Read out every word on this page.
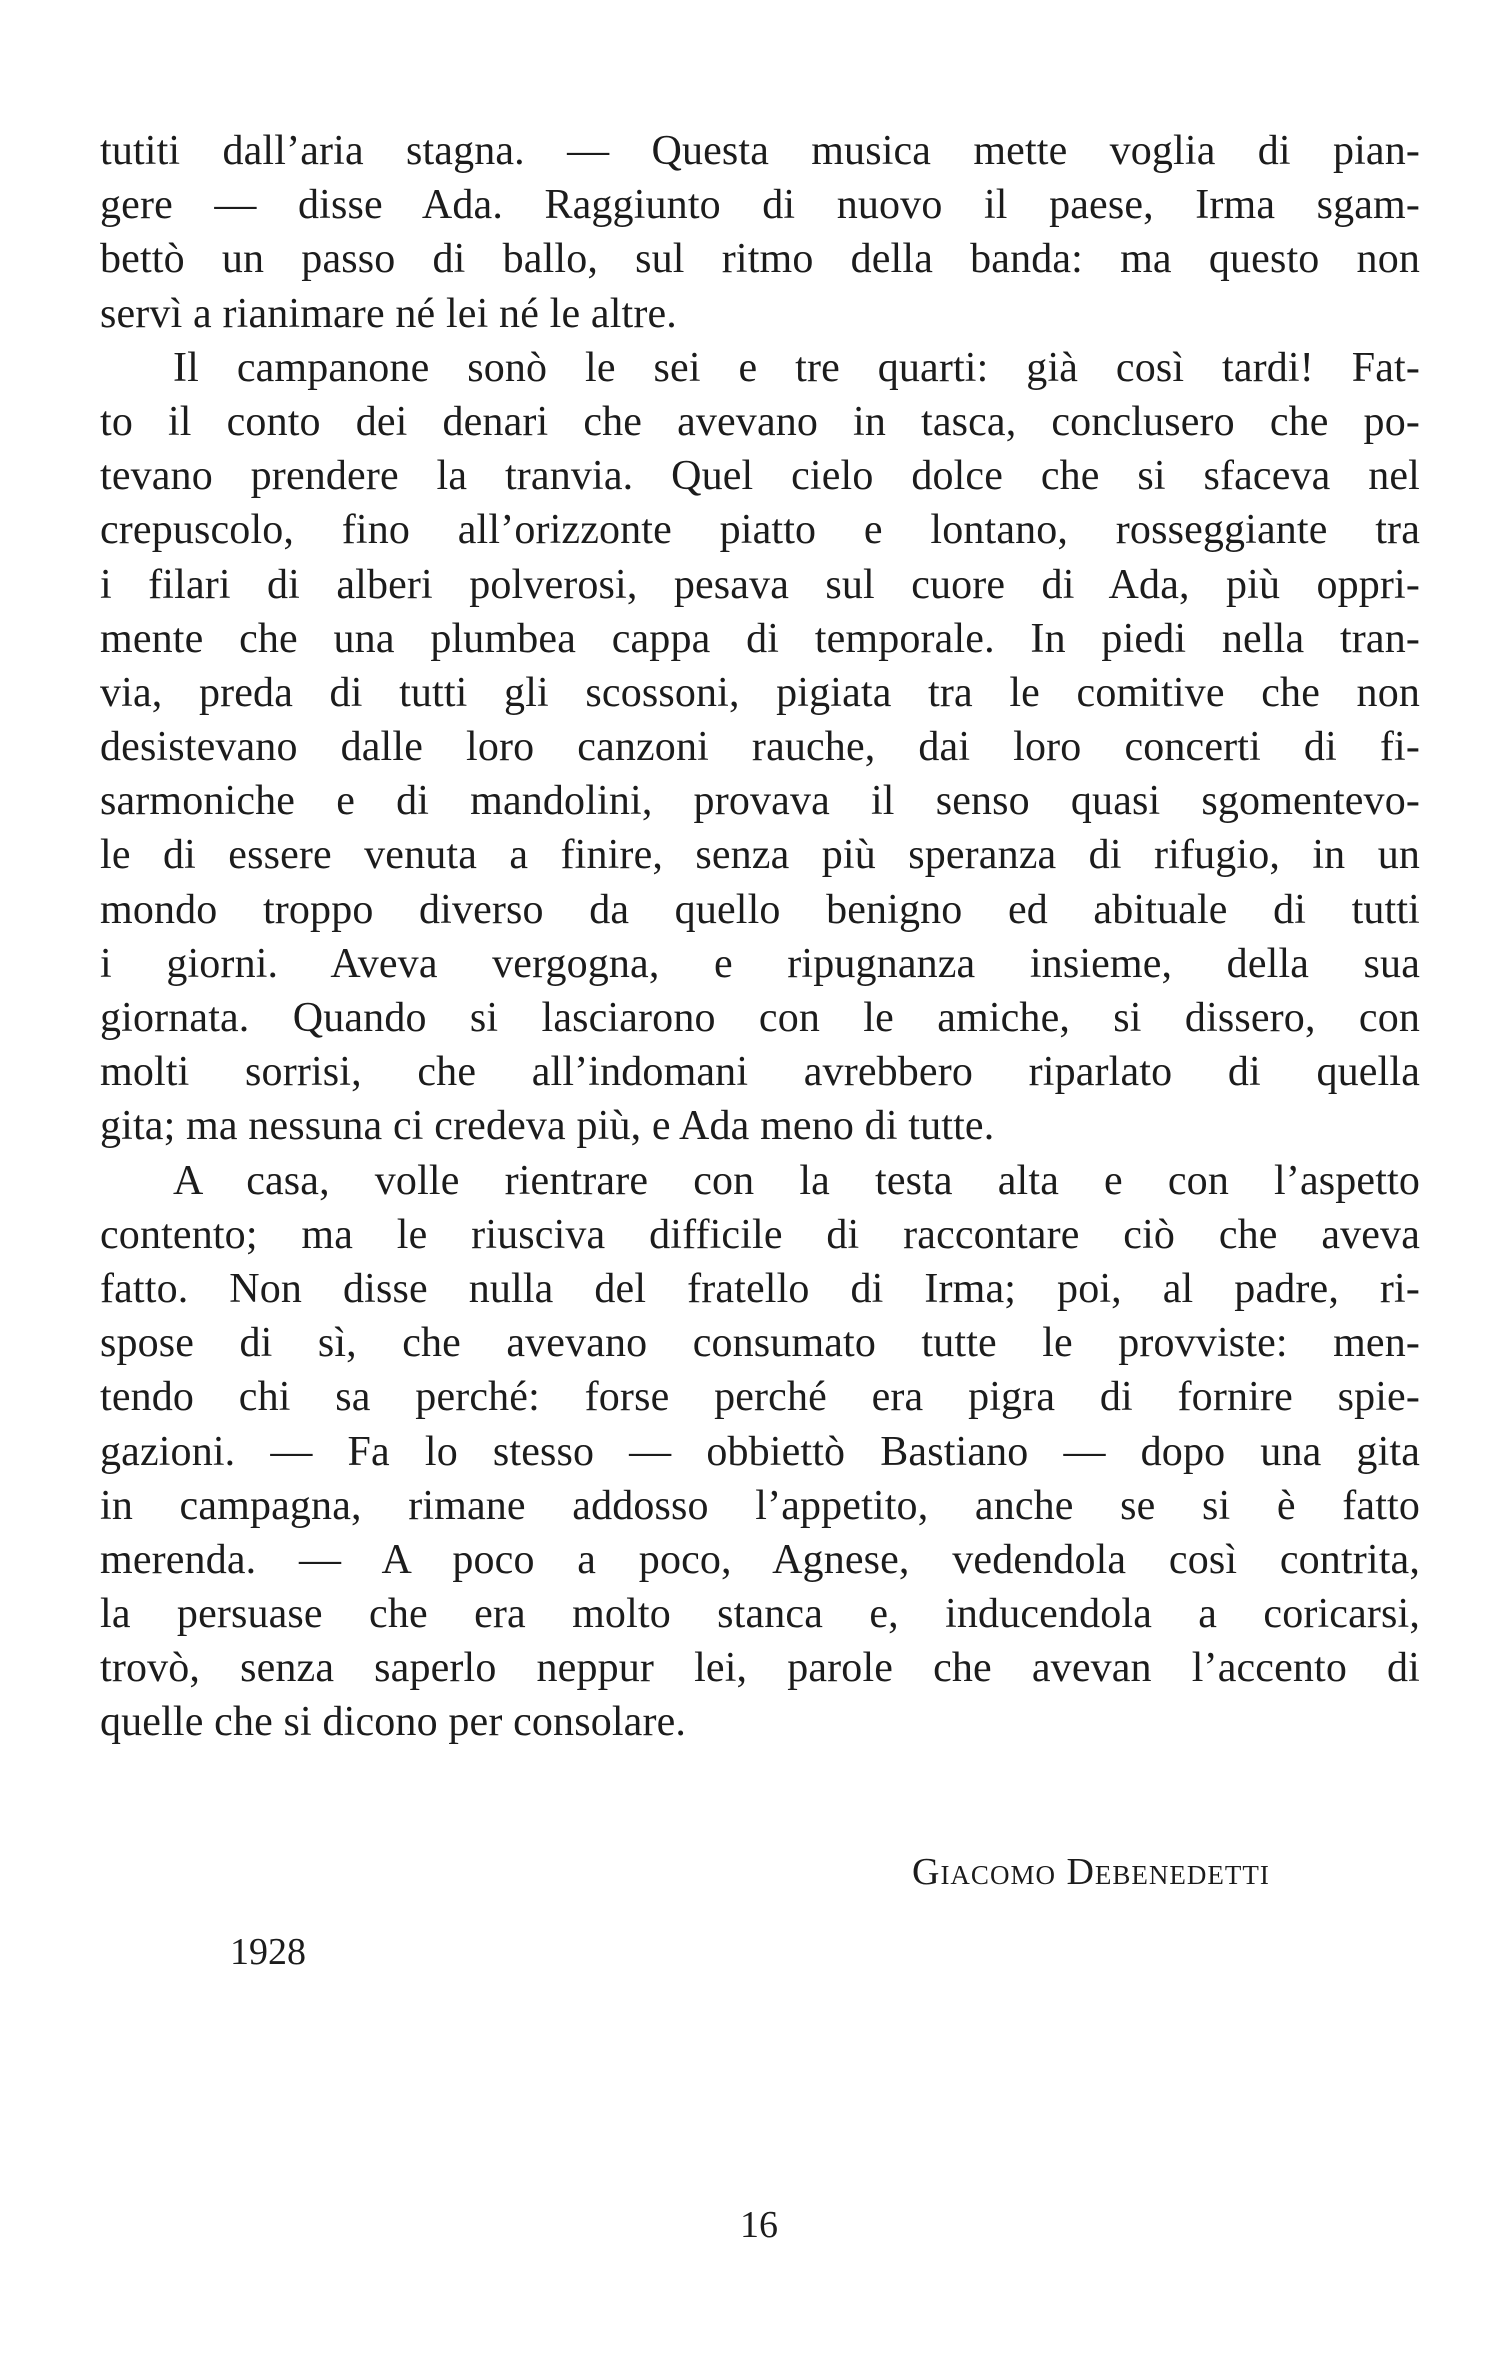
tutiti dall’aria stagna. — Questa musica mette voglia di pian-
gere — disse Ada. Raggiunto di nuovo il paese, Irma sgam-
bettò un passo di ballo, sul ritmo della banda: ma questo non
servì a rianimare né lei né le altre.
Il campanone sonò le sei e tre quarti: già così tardi! Fat-
to il conto dei denari che avevano in tasca, conclusero che po-
tevano prendere la tranvia. Quel cielo dolce che si sfaceva nel
crepuscolo, fino all’orizzonte piatto e lontano, rosseggiante tra
i filari di alberi polverosi, pesava sul cuore di Ada, più oppri-
mente che una plumbea cappa di temporale. In piedi nella tran-
via, preda di tutti gli scossoni, pigiata tra le comitive che non
desistevano dalle loro canzoni rauche, dai loro concerti di fi-
sarmoniche e di mandolini, provava il senso quasi sgomentevo-
le di essere venuta a finire, senza più speranza di rifugio, in un
mondo troppo diverso da quello benigno ed abituale di tutti
i giorni. Aveva vergogna, e ripugnanza insieme, della sua
giornata. Quando si lasciarono con le amiche, si dissero, con
molti sorrisi, che all’indomani avrebbero riparlato di quella
gita; ma nessuna ci credeva più, e Ada meno di tutte.
A casa, volle rientrare con la testa alta e con l’aspetto
contento; ma le riusciva difficile di raccontare ciò che aveva
fatto. Non disse nulla del fratello di Irma; poi, al padre, ri-
spose di sì, che avevano consumato tutte le provviste: men-
tendo chi sa perché: forse perché era pigra di fornire spie-
gazioni. — Fa lo stesso — obbiettò Bastiano — dopo una gita
in campagna, rimane addosso l’appetito, anche se si è fatto
merenda. — A poco a poco, Agnese, vedendola così contrita,
la persuase che era molto stanca e, inducendola a coricarsi,
trovò, senza saperlo neppur lei, parole che avevan l’accento di
quelle che si dicono per consolare.
Giacomo Debenedetti
1928
16
